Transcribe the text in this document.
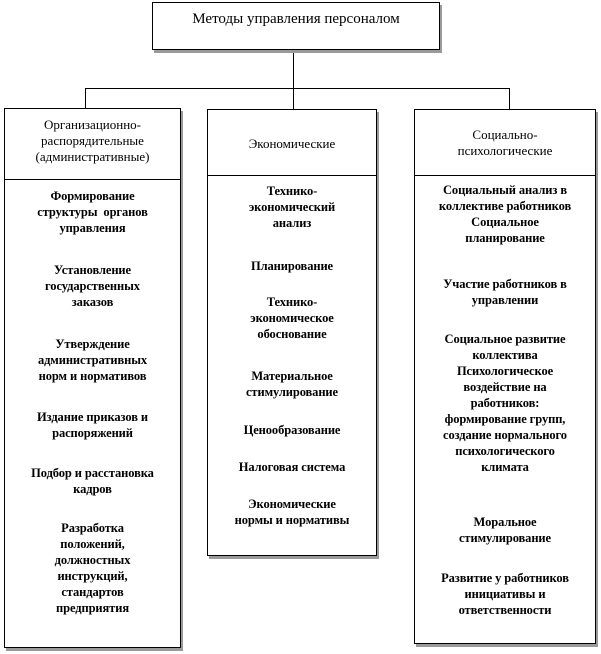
Методы управления персоналом
Организационно-
распорядительные
(административные)
Формирование
структуры  органов
управления
Установление
государственных
заказов
Утверждение
административных
норм и нормативов
Издание приказов и
распоряжений
Подбор и расстановка
кадров
Разработка
положений,
должностных
инструкций,
стандартов
предприятия
Экономические
Технико-
экономический
анализ
Планирование
Технико-
экономическое
обоснование
Материальное
стимулирование
Ценообразование
Налоговая система
Экономические
нормы и нормативы
Социально-
психологические
Социальный анализ в
коллективе работников
Социальное
планирование
Участие работников в
управлении
Социальное развитие
коллектива
Психологическое
воздействие на
работников:
формирование групп,
создание нормального
психологического
климата
Моральное
стимулирование
Развитие у работников
инициативы и
ответственности
